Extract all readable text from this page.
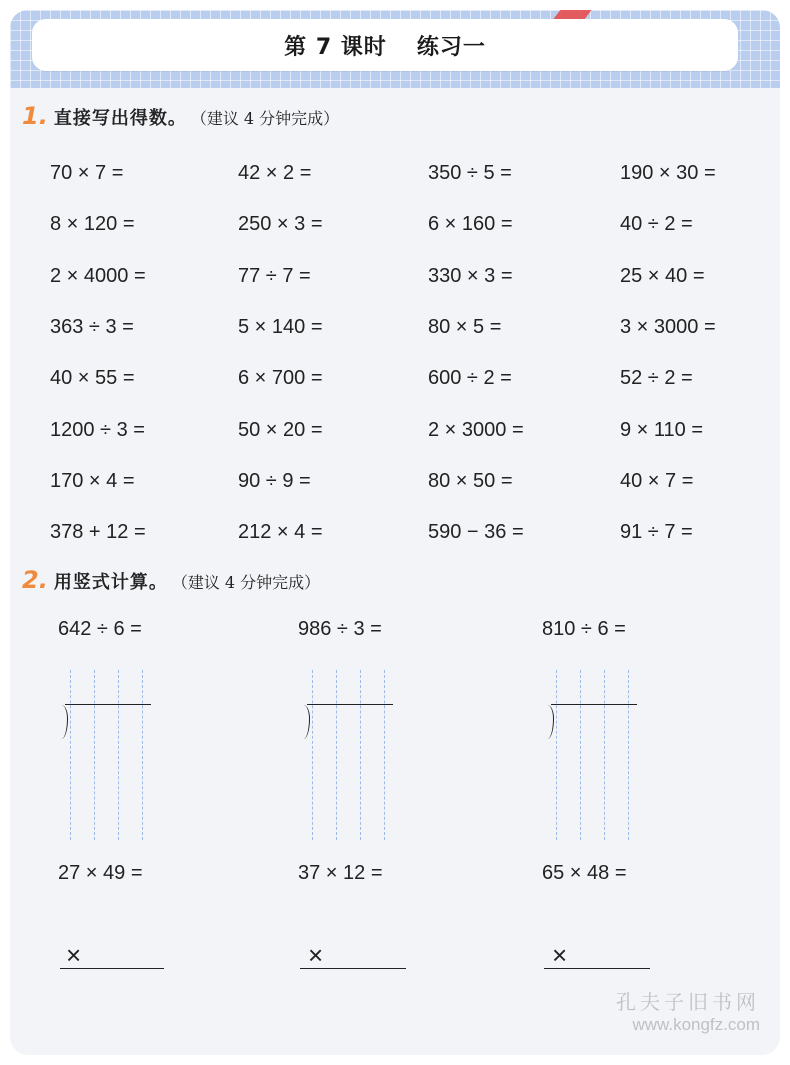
第 7 课时 练习一
1. 直接写出得数。 （建议 4 分钟完成）
70 × 7 =	42 × 2 =	350 ÷ 5 =	190 × 30 =
8 × 120 =	250 × 3 =	6 × 160 =	40 ÷ 2 =
2 × 4000 =	77 ÷ 7 =	330 × 3 =	25 × 40 =
363 ÷ 3 =	5 × 140 =	80 × 5 =	3 × 3000 =
40 × 55 =	6 × 700 =	600 ÷ 2 =	52 ÷ 2 =
1200 ÷ 3 =	50 × 20 =	2 × 3000 =	9 × 110 =
170 × 4 =	90 ÷ 9 =	80 × 50 =	40 × 7 =
378 + 12 =	212 × 4 =	590 − 36 =	91 ÷ 7 =
2. 用竖式计算。 （建议 4 分钟完成）
642 ÷ 6 =	986 ÷ 3 =	810 ÷ 6 =
27 × 49 =	37 × 12 =	65 × 48 =
×	×	×
孔夫子旧书网
www.kongfz.com
